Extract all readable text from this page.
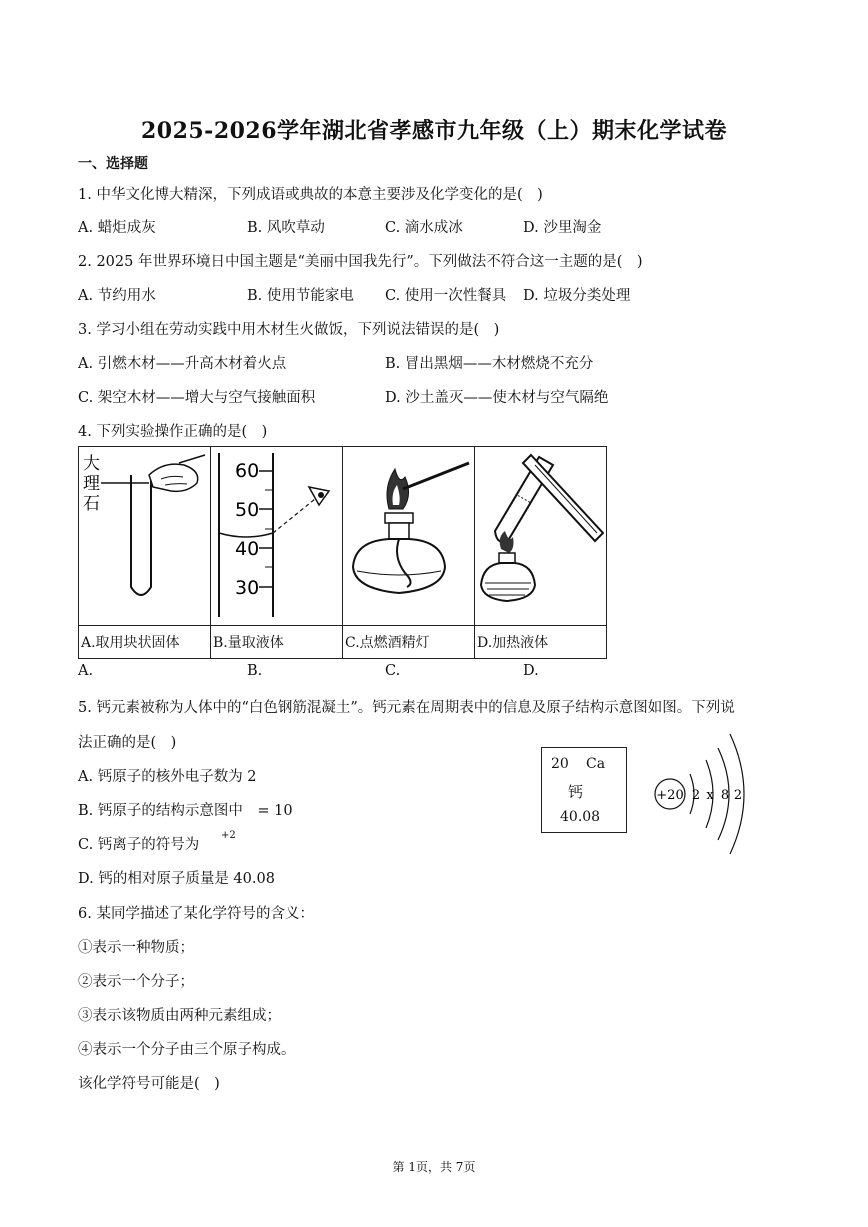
2025-2026学年湖北省孝感市九年级（上）期末化学试卷
一、选择题
1. 中华文化博大精深，下列成语或典故的本意主要涉及化学变化的是(　)
A. 蜡炬成灰	B. 风吹草动	C. 滴水成冰	D. 沙里淘金
2. 2025 年世界环境日中国主题是“美丽中国我先行”。下列做法不符合这一主题的是(　)
A. 节约用水	B. 使用节能家电 C. 使用一次性餐具 D. 垃圾分类处理
3. 学习小组在劳动实践中用木材生火做饭，下列说法错误的是(　)
A. 引燃木材——升高木材着火点	B. 冒出黑烟——木材燃烧不充分
C. 架空木材——增大与空气接触面积	D. 沙土盖灭——使木材与空气隔绝
4. 下列实验操作正确的是(　)
大
理
石	60
50
40
30

A.取用块状固体	B.量取液体	C.点燃酒精灯	D.加热液体
A.	B.	C.	D.
5. 钙元素被称为人体中的“白色钢筋混凝土”。钙元素在周期表中的信息及原子结构示意图如图。下列说
法正确的是(　)
A. 钙原子的核外电子数为 2
B. 钙原子的结构示意图中　= 10
C. 钙离子的符号为
+2
D. 钙的相对原子质量是 40.08
20 Ca
钙
40.08
+20 2 x 8 2
6. 某同学描述了某化学符号的含义：
①表示一种物质；
②表示一个分子；
③表示该物质由两种元素组成；
④表示一个分子由三个原子构成。
该化学符号可能是(　)
第 1页，共 7页
